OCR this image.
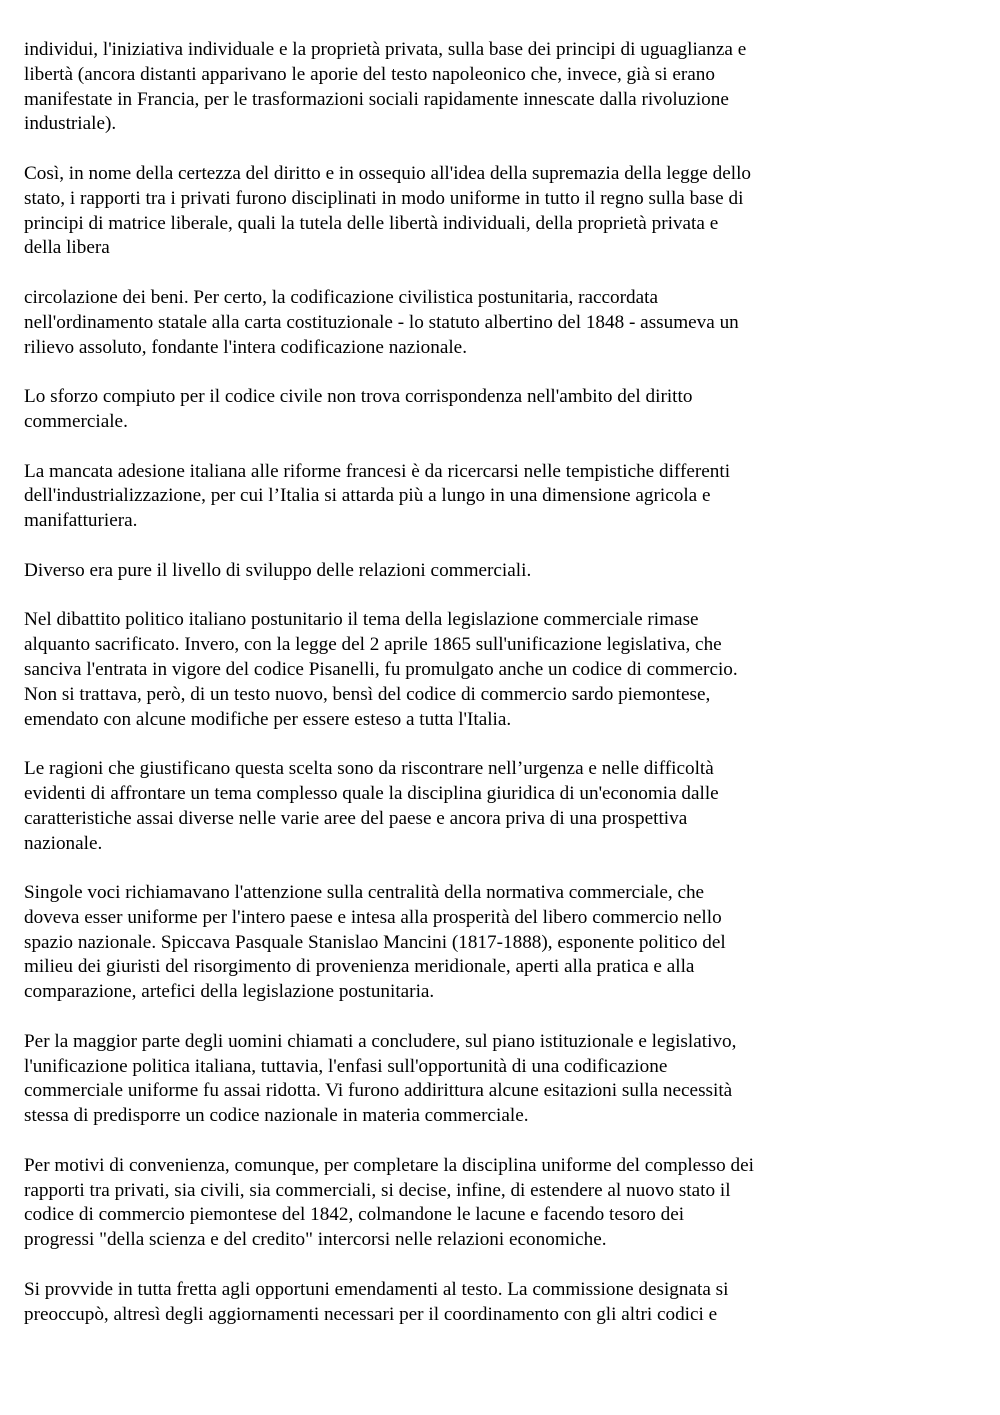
individui, l'iniziativa individuale e la proprietà privata, sulla base dei principi di uguaglianza e
libertà (ancora distanti apparivano le aporie del testo napoleonico che, invece, già si erano
manifestate in Francia, per le trasformazioni sociali rapidamente innescate dalla rivoluzione
industriale).

Così, in nome della certezza del diritto e in ossequio all'idea della supremazia della legge dello
stato, i rapporti tra i privati furono disciplinati in modo uniforme in tutto il regno sulla base di
principi di matrice liberale, quali la tutela delle libertà individuali, della proprietà privata e
della libera

circolazione dei beni. Per certo, la codificazione civilistica postunitaria, raccordata
nell'ordinamento statale alla carta costituzionale - lo statuto albertino del 1848 - assumeva un
rilievo assoluto, fondante l'intera codificazione nazionale.

Lo sforzo compiuto per il codice civile non trova corrispondenza nell'ambito del diritto
commerciale.

La mancata adesione italiana alle riforme francesi è da ricercarsi nelle tempistiche differenti
dell'industrializzazione, per cui l’Italia si attarda più a lungo in una dimensione agricola e
manifatturiera.

Diverso era pure il livello di sviluppo delle relazioni commerciali.

Nel dibattito politico italiano postunitario il tema della legislazione commerciale rimase
alquanto sacrificato. Invero, con la legge del 2 aprile 1865 sull'unificazione legislativa, che
sanciva l'entrata in vigore del codice Pisanelli, fu promulgato anche un codice di commercio.
Non si trattava, però, di un testo nuovo, bensì del codice di commercio sardo piemontese,
emendato con alcune modifiche per essere esteso a tutta l'Italia.

Le ragioni che giustificano questa scelta sono da riscontrare nell’urgenza e nelle difficoltà
evidenti di affrontare un tema complesso quale la disciplina giuridica di un'economia dalle
caratteristiche assai diverse nelle varie aree del paese e ancora priva di una prospettiva
nazionale.

Singole voci richiamavano l'attenzione sulla centralità della normativa commerciale, che
doveva esser uniforme per l'intero paese e intesa alla prosperità del libero commercio nello
spazio nazionale. Spiccava Pasquale Stanislao Mancini (1817-1888), esponente politico del
milieu dei giuristi del risorgimento di provenienza meridionale, aperti alla pratica e alla
comparazione, artefici della legislazione postunitaria.

Per la maggior parte degli uomini chiamati a concludere, sul piano istituzionale e legislativo,
l'unificazione politica italiana, tuttavia, l'enfasi sull'opportunità di una codificazione
commerciale uniforme fu assai ridotta. Vi furono addirittura alcune esitazioni sulla necessità
stessa di predisporre un codice nazionale in materia commerciale.

Per motivi di convenienza, comunque, per completare la disciplina uniforme del complesso dei
rapporti tra privati, sia civili, sia commerciali, si decise, infine, di estendere al nuovo stato il
codice di commercio piemontese del 1842, colmandone le lacune e facendo tesoro dei
progressi "della scienza e del credito" intercorsi nelle relazioni economiche.

Si provvide in tutta fretta agli opportuni emendamenti al testo. La commissione designata si
preoccupò, altresì degli aggiornamenti necessari per il coordinamento con gli altri codici e
